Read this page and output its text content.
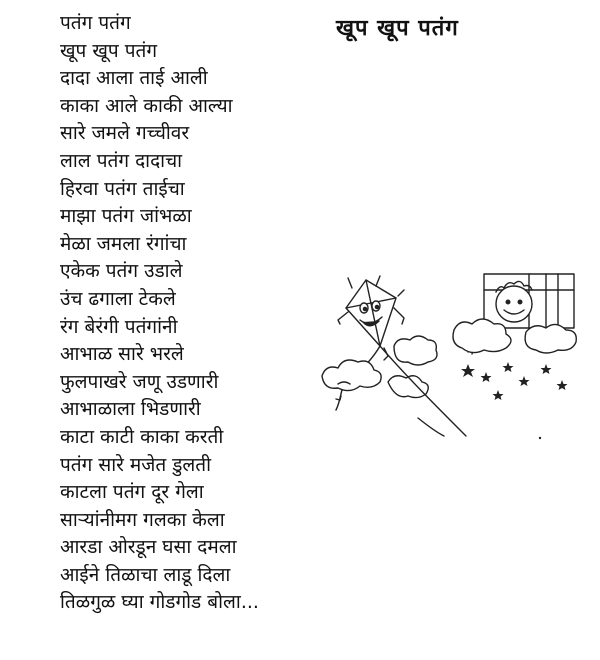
खूप खूप पतंग
पतंग पतंग
खूप खूप पतंग
दादा आला ताई आली
काका आले काकी आल्या
सारे जमले गच्चीवर
लाल पतंग दादाचा
हिरवा पतंग ताईचा
माझा पतंग जांभळा
मेळा जमला रंगांचा
एकेक पतंग उडाले
उंच ढगाला टेकले
रंग बेरंगी पतंगांनी
आभाळ सारे भरले
फुलपाखरे जणू उडणारी
आभाळाला भिडणारी
काटा काटी काका करती
पतंग सारे मजेत डुलती
काटला पतंग दूर गेला
साऱ्यांनीमग गलका केला
आरडा ओरडून घसा दमला
आईने तिळाचा लाडू दिला
तिळगुळ घ्या गोडगोड बोला...
